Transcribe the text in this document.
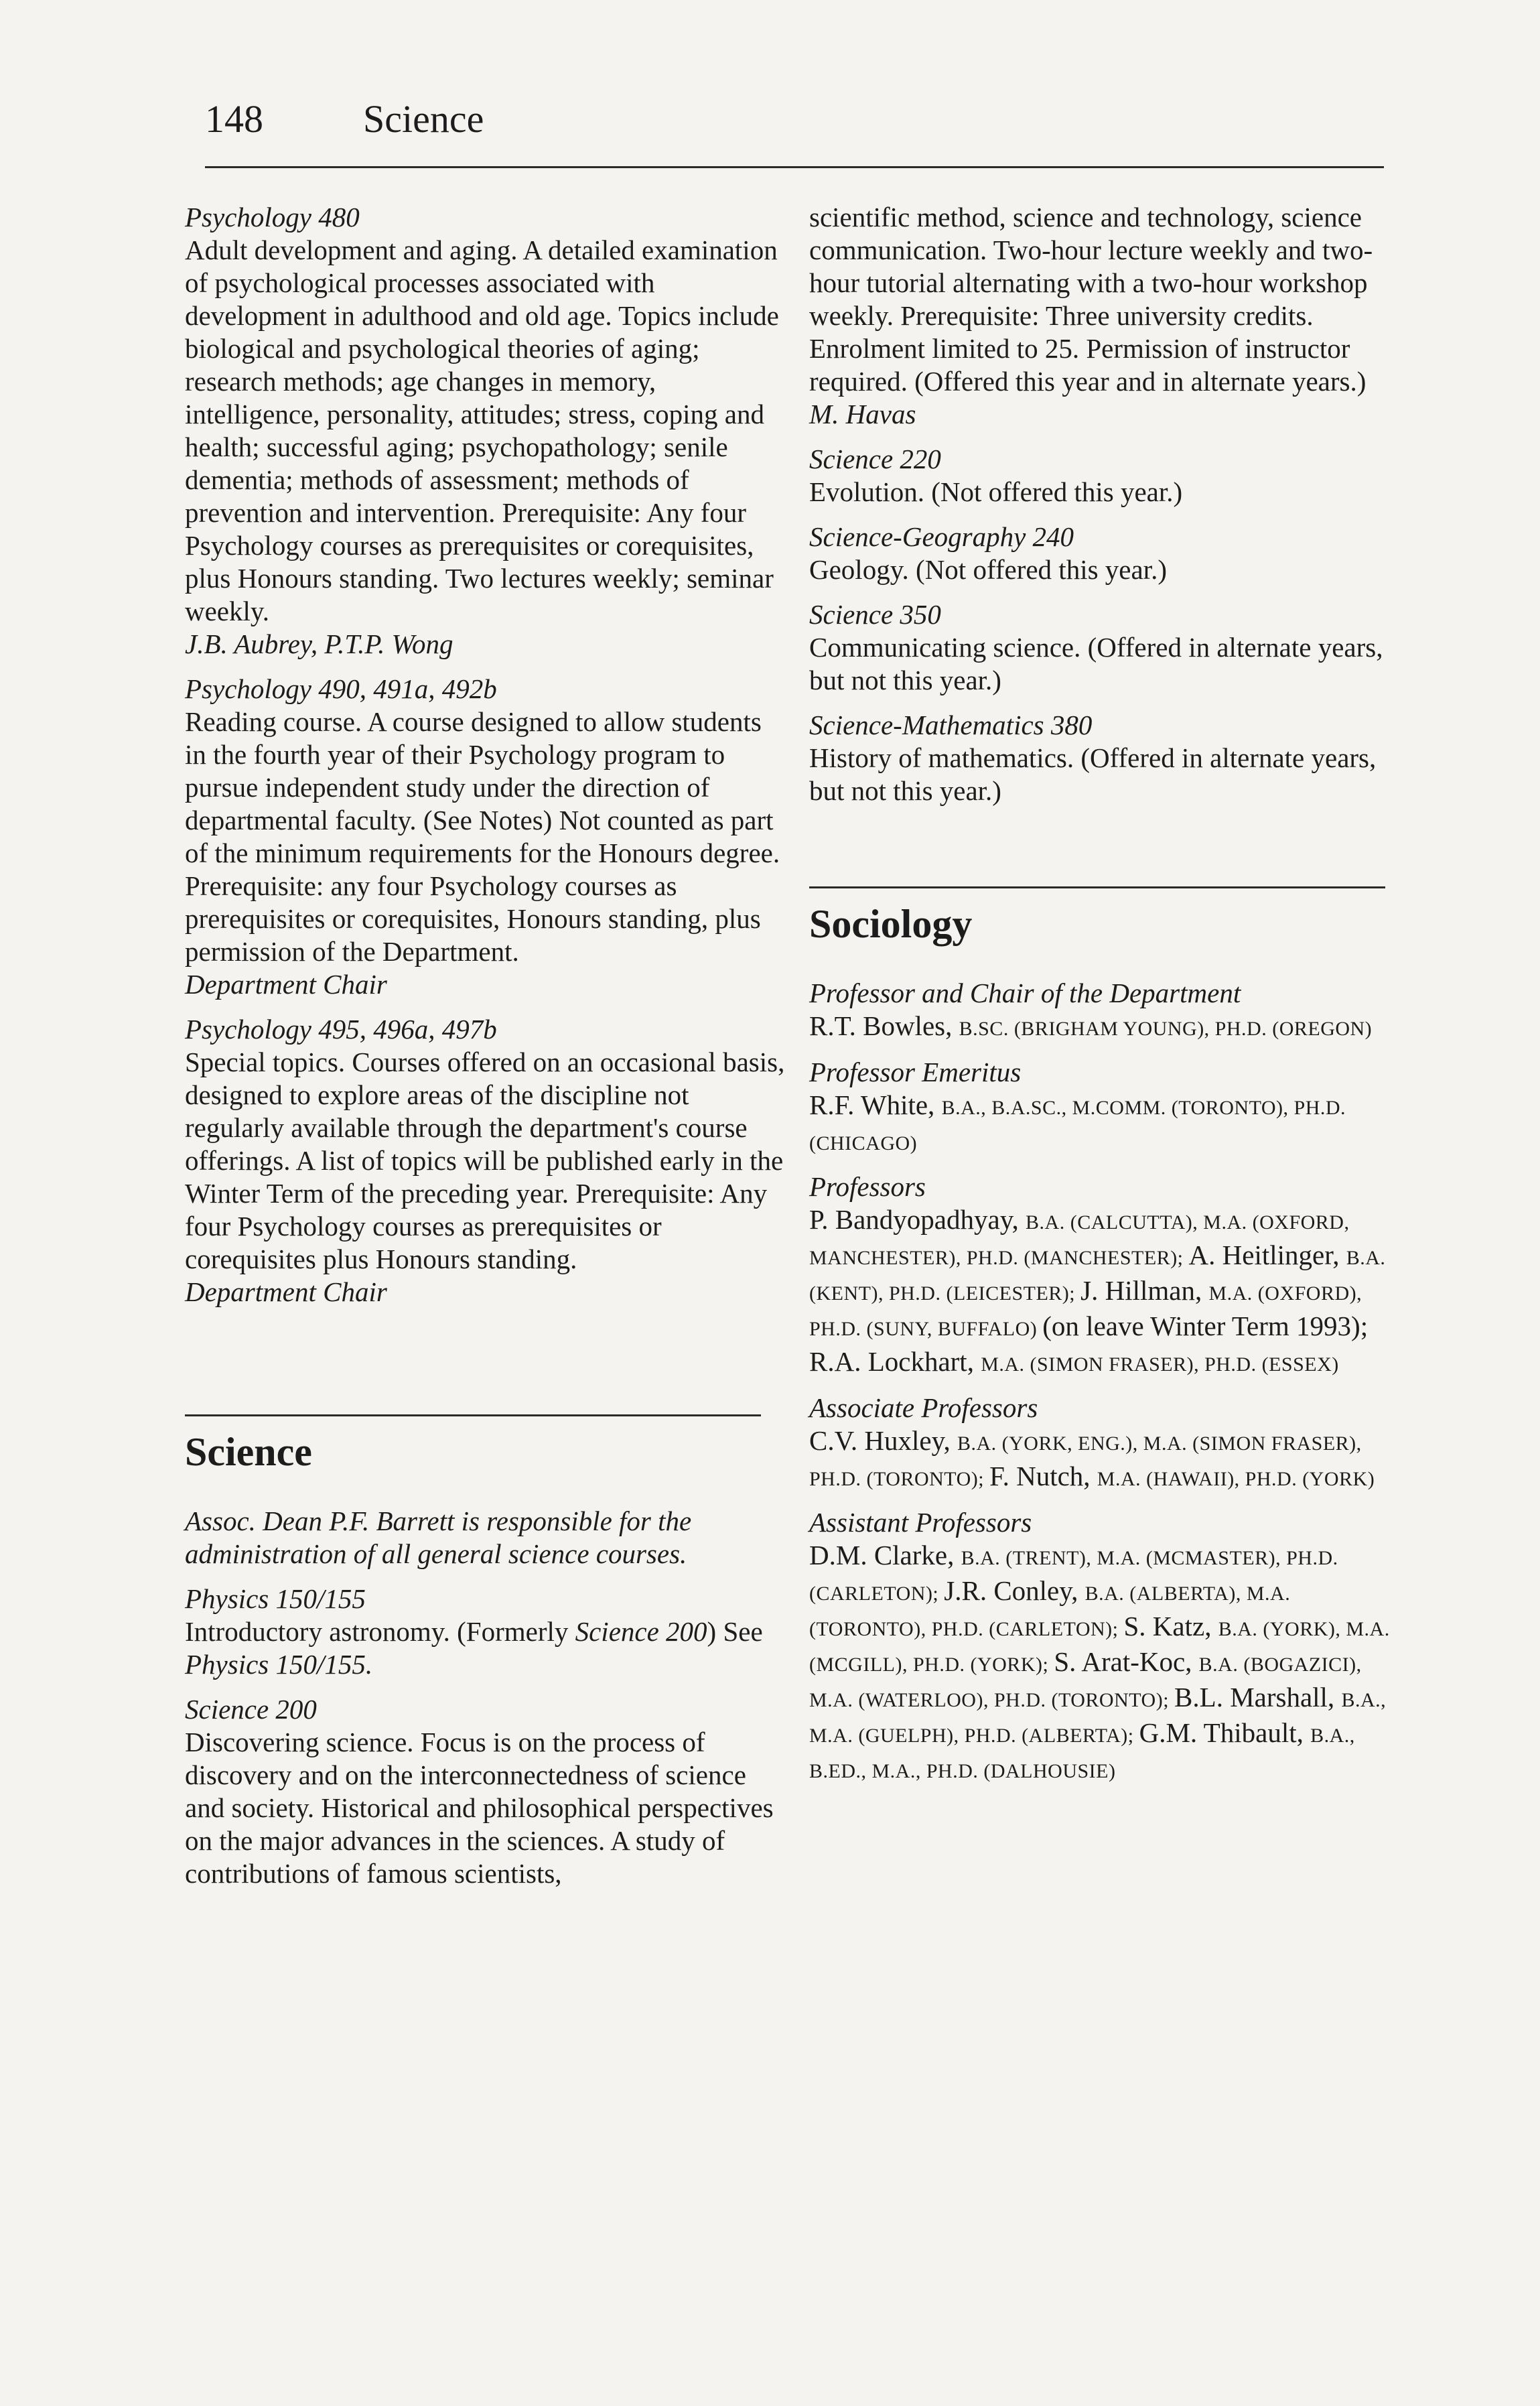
148	Science
Psychology 480
Adult development and aging. A detailed examination of psychological processes associated with development in adulthood and old age. Topics include biological and psychological theories of aging; research methods; age changes in memory, intelligence, personality, attitudes; stress, coping and health; successful aging; psychopathology; senile dementia; methods of assessment; methods of prevention and intervention. Prerequisite: Any four Psychology courses as prerequisites or corequisites, plus Honours standing. Two lectures weekly; seminar weekly.
J.B. Aubrey, P.T.P. Wong
Psychology 490, 491a, 492b
Reading course. A course designed to allow students in the fourth year of their Psychology program to pursue independent study under the direction of departmental faculty. (See Notes) Not counted as part of the minimum requirements for the Honours degree. Prerequisite: any four Psychology courses as prerequisites or corequisites, Honours standing, plus permission of the Department.
Department Chair
Psychology 495, 496a, 497b
Special topics. Courses offered on an occasional basis, designed to explore areas of the discipline not regularly available through the department's course offerings. A list of topics will be published early in the Winter Term of the preceding year. Prerequisite: Any four Psychology courses as prerequisites or corequisites plus Honours standing.
Department Chair
Science
Assoc. Dean P.F. Barrett is responsible for the administration of all general science courses.
Physics 150/155
Introductory astronomy. (Formerly Science 200) See Physics 150/155.
Science 200
Discovering science. Focus is on the process of discovery and on the interconnectedness of science and society. Historical and philosophical perspectives on the major advances in the sciences. A study of contributions of famous scientists,
scientific method, science and technology, science communication. Two-hour lecture weekly and two-hour tutorial alternating with a two-hour workshop weekly. Prerequisite: Three university credits. Enrolment limited to 25. Permission of instructor required. (Offered this year and in alternate years.)
M. Havas
Science 220
Evolution. (Not offered this year.)
Science-Geography 240
Geology. (Not offered this year.)
Science 350
Communicating science. (Offered in alternate years, but not this year.)
Science-Mathematics 380
History of mathematics. (Offered in alternate years, but not this year.)
Sociology
Professor and Chair of the Department
R.T. Bowles, B.SC. (BRIGHAM YOUNG), PH.D. (OREGON)
Professor Emeritus
R.F. White, B.A., B.A.SC., M.COMM. (TORONTO), PH.D. (CHICAGO)
Professors
P. Bandyopadhyay, B.A. (CALCUTTA), M.A. (OXFORD, MANCHESTER), PH.D. (MANCHESTER); A. Heitlinger, B.A. (KENT), PH.D. (LEICESTER); J. Hillman, M.A. (OXFORD), PH.D. (SUNY, BUFFALO) (on leave Winter Term 1993); R.A. Lockhart, M.A. (SIMON FRASER), PH.D. (ESSEX)
Associate Professors
C.V. Huxley, B.A. (YORK, ENG.), M.A. (SIMON FRASER), PH.D. (TORONTO); F. Nutch, M.A. (HAWAII), PH.D. (YORK)
Assistant Professors
D.M. Clarke, B.A. (TRENT), M.A. (MCMASTER), PH.D. (CARLETON); J.R. Conley, B.A. (ALBERTA), M.A. (TORONTO), PH.D. (CARLETON); S. Katz, B.A. (YORK), M.A. (MCGILL), PH.D. (YORK); S. Arat-Koc, B.A. (BOGAZICI), M.A. (WATERLOO), PH.D. (TORONTO); B.L. Marshall, B.A., M.A. (GUELPH), PH.D. (ALBERTA); G.M. Thibault, B.A., B.ED., M.A., PH.D. (DALHOUSIE)
